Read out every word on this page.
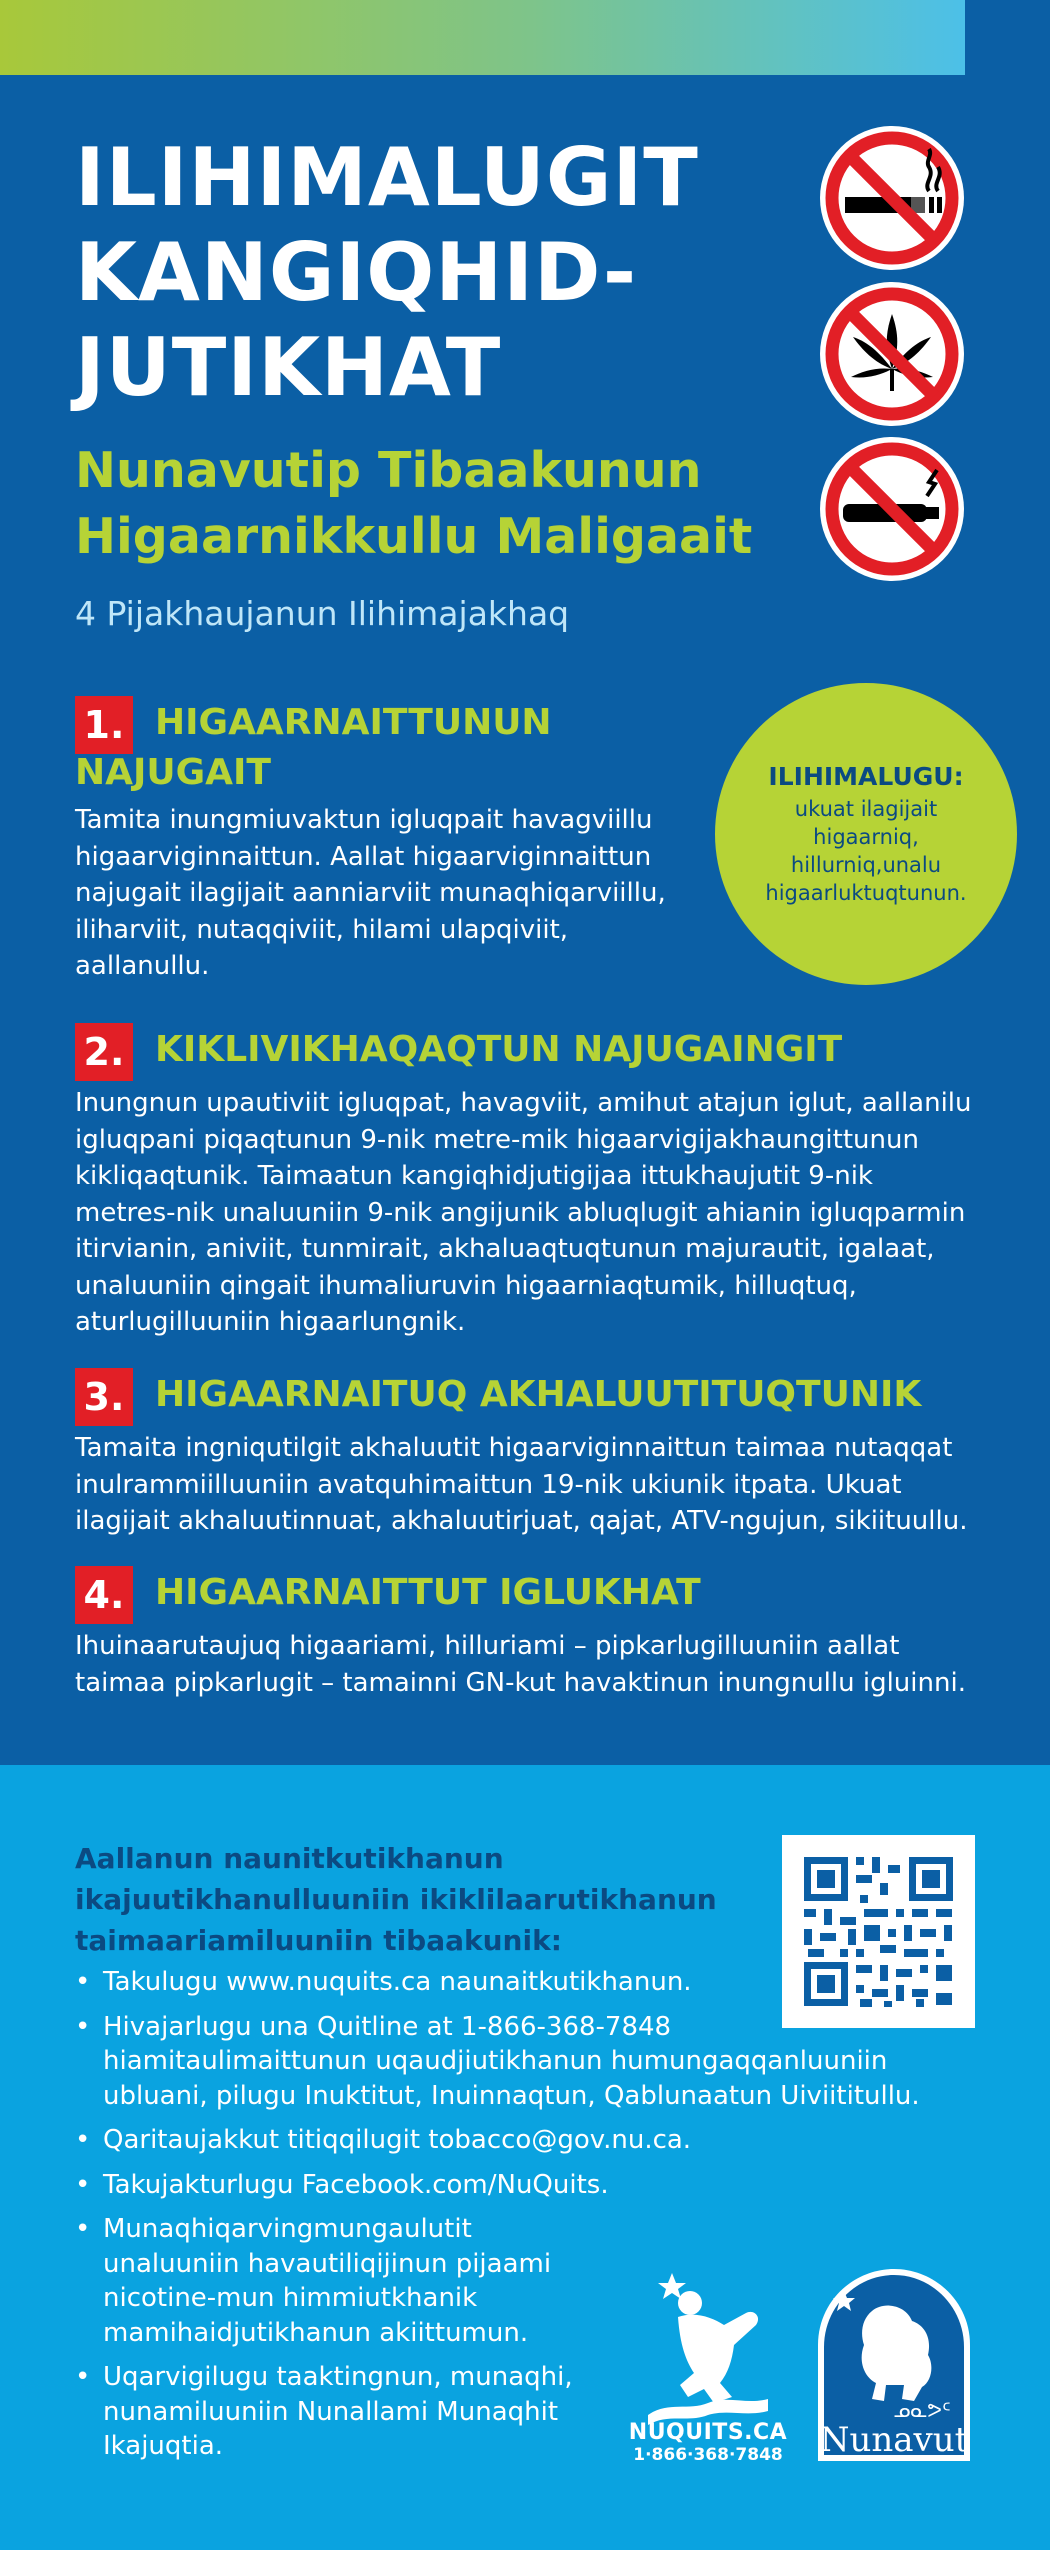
ILIHIMALUGIT
KANGIQHID-
JUTIKHAT
Nunavutip Tibaakunun
Higaarnikkullu Maligaait
4 Pijakhaujanun Ilihimajakhaq
ILIHIMALUGU:
ukuat ilagijait higaarniq, hillurniq,unalu higaarluktuqtunun.
1. HIGAARNAITTUNUN
NAJUGAIT
Tamita inungmiuvaktun igluqpait havagviillu
higaarviginnaittun. Aallat higaarviginnaittun
najugait ilagijait aanniarviit munaqhiqarviillu,
iliharviit, nutaqqiviit, hilami ulapqiviit,
aallanullu.
2. KIKLIVIKHAQAQTUN NAJUGAINGIT
Inungnun upautiviit igluqpat, havagviit, amihut atajun iglut, aallanilu
igluqpani piqaqtunun 9-nik metre-mik higaarvigijakhaungittunun
kikliqaqtunik. Taimaatun kangiqhidjutigijaa ittukhaujutit 9-nik
metres-nik unaluuniin 9-nik angijunik abluqlugit ahianin igluqparmin
itirvianin, aniviit, tunmirait, akhaluaqtuqtunun majurautit, igalaat,
unaluuniin qingait ihumaliuruvin higaarniaqtumik, hilluqtuq,
aturlugilluuniin higaarlungnik.
3. HIGAARNAITUQ AKHALUUTITUQTUNIK
Tamaita ingniqutilgit akhaluutit higaarviginnaittun taimaa nutaqqat
inulrammiilluuniin avatquhimaittun 19-nik ukiunik itpata. Ukuat
ilagijait akhaluutinnuat, akhaluutirjuat, qajat, ATV-ngujun, sikiituullu.
4. HIGAARNAITTUT IGLUKHAT
Ihuinaarutaujuq higaariami, hilluriami – pipkarlugilluuniin aallat
taimaa pipkarlugit – tamainni GN-kut havaktinun inungnullu igluinni.
Aallanun naunitkutikhanun
ikajuutikhanulluuniin ikiklilaarutikhanun
taimaariamiluuniin tibaakunik:
• Takulugu www.nuquits.ca naunaitkutikhanun.
• Hivajarlugu una Quitline at 1-866-368-7848
hiamitaulimaittunun uqaudjiutikhanun humungaqqanluuniin
ubluani, pilugu Inuktitut, Inuinnaqtun, Qablunaatun Uiviititullu.
• Qaritaujakkut titiqqilugit tobacco@gov.nu.ca.
• Takujakturlugu Facebook.com/NuQuits.
• Munaqhiqarvingmungaulutit
unaluuniin havautiliqijinun pijaami
nicotine-mun himmiutkhanik
mamihaidjutikhanun akiittumun.
• Uqarvigilugu taaktingnun, munaqhi,
nunamiluuniin Nunallami Munaqhit
Ikajuqtia.	NUQUITS.CA
1·866·368·7848
ᓄᓇᕗᑦ
Nunavut
